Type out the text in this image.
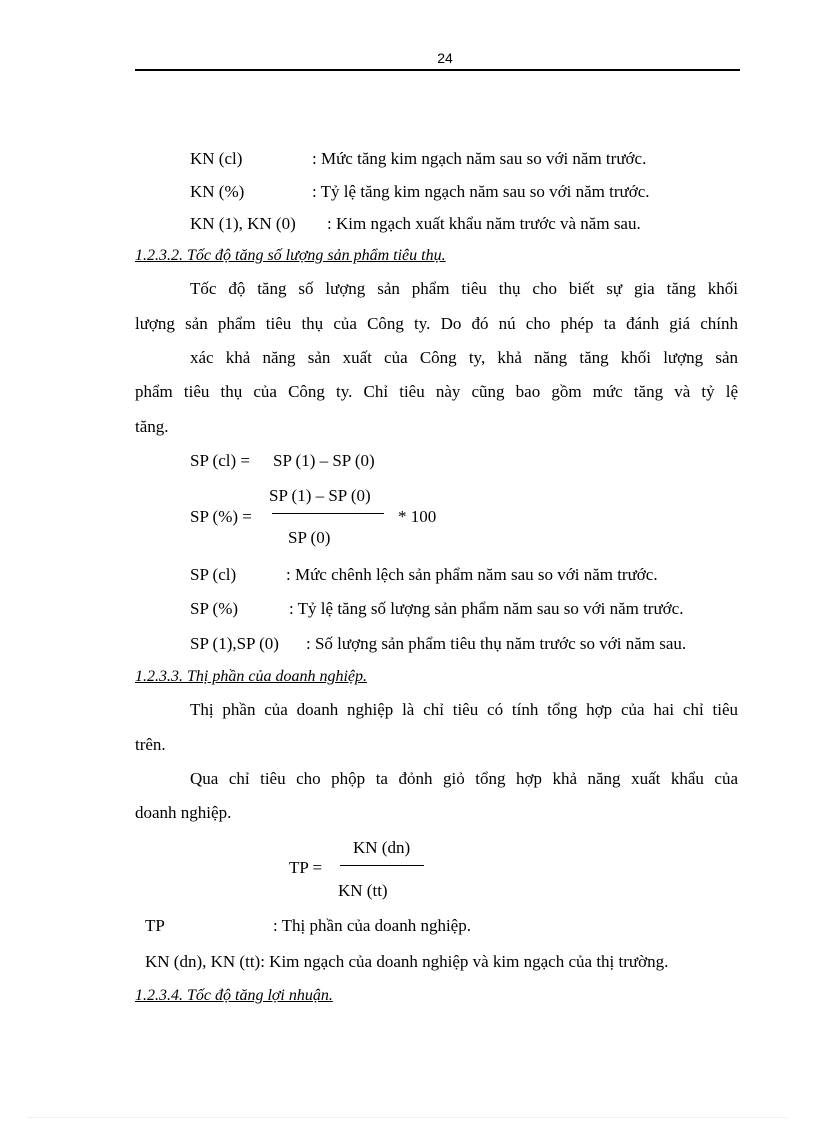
24
KN (cl)	: Mức tăng kim ngạch năm sau so với năm trước.
KN (%)	: Tỷ lệ tăng kim ngạch năm sau so với năm trước.
KN (1), KN (0) : Kim ngạch xuất khẩu năm trước và năm sau.
1.2.3.2. Tốc độ tăng số lượng sản phẩm tiêu thụ.
Tốc độ tăng số lượng sản phẩm tiêu thụ cho biết sự gia tăng khối
lượng sản phẩm tiêu thụ của Công ty. Do đó nú cho phép ta đánh giá chính
xác khả năng sản xuất của Công ty, khả năng tăng khối lượng sản
phẩm tiêu thụ của Công ty. Chỉ tiêu này cũng bao gồm mức tăng và tỷ lệ
tăng.
SP (cl) = SP (1) – SP (0)
SP (1) – SP (0)
SP (%) =	* 100
SP (0)
SP (cl)	: Mức chênh lệch sản phẩm năm sau so với năm trước.
SP (%)	: Tỷ lệ tăng số lượng sản phẩm năm sau so với năm trước.
SP (1),SP (0) : Số lượng sản phẩm tiêu thụ năm trước so với năm sau.
1.2.3.3. Thị phần của doanh nghiệp.
Thị phần của doanh nghiệp là chỉ tiêu có tính tổng hợp của hai chỉ tiêu
trên.
Qua chỉ tiêu cho phộp ta đỏnh giỏ tổng hợp khả năng xuất khẩu của
doanh nghiệp.
KN (dn)
TP =
KN (tt)
TP	: Thị phần của doanh nghiệp.
KN (dn), KN (tt): Kim ngạch của doanh nghiệp và kim ngạch của thị trường.
1.2.3.4. Tốc độ tăng lợi nhuận.
